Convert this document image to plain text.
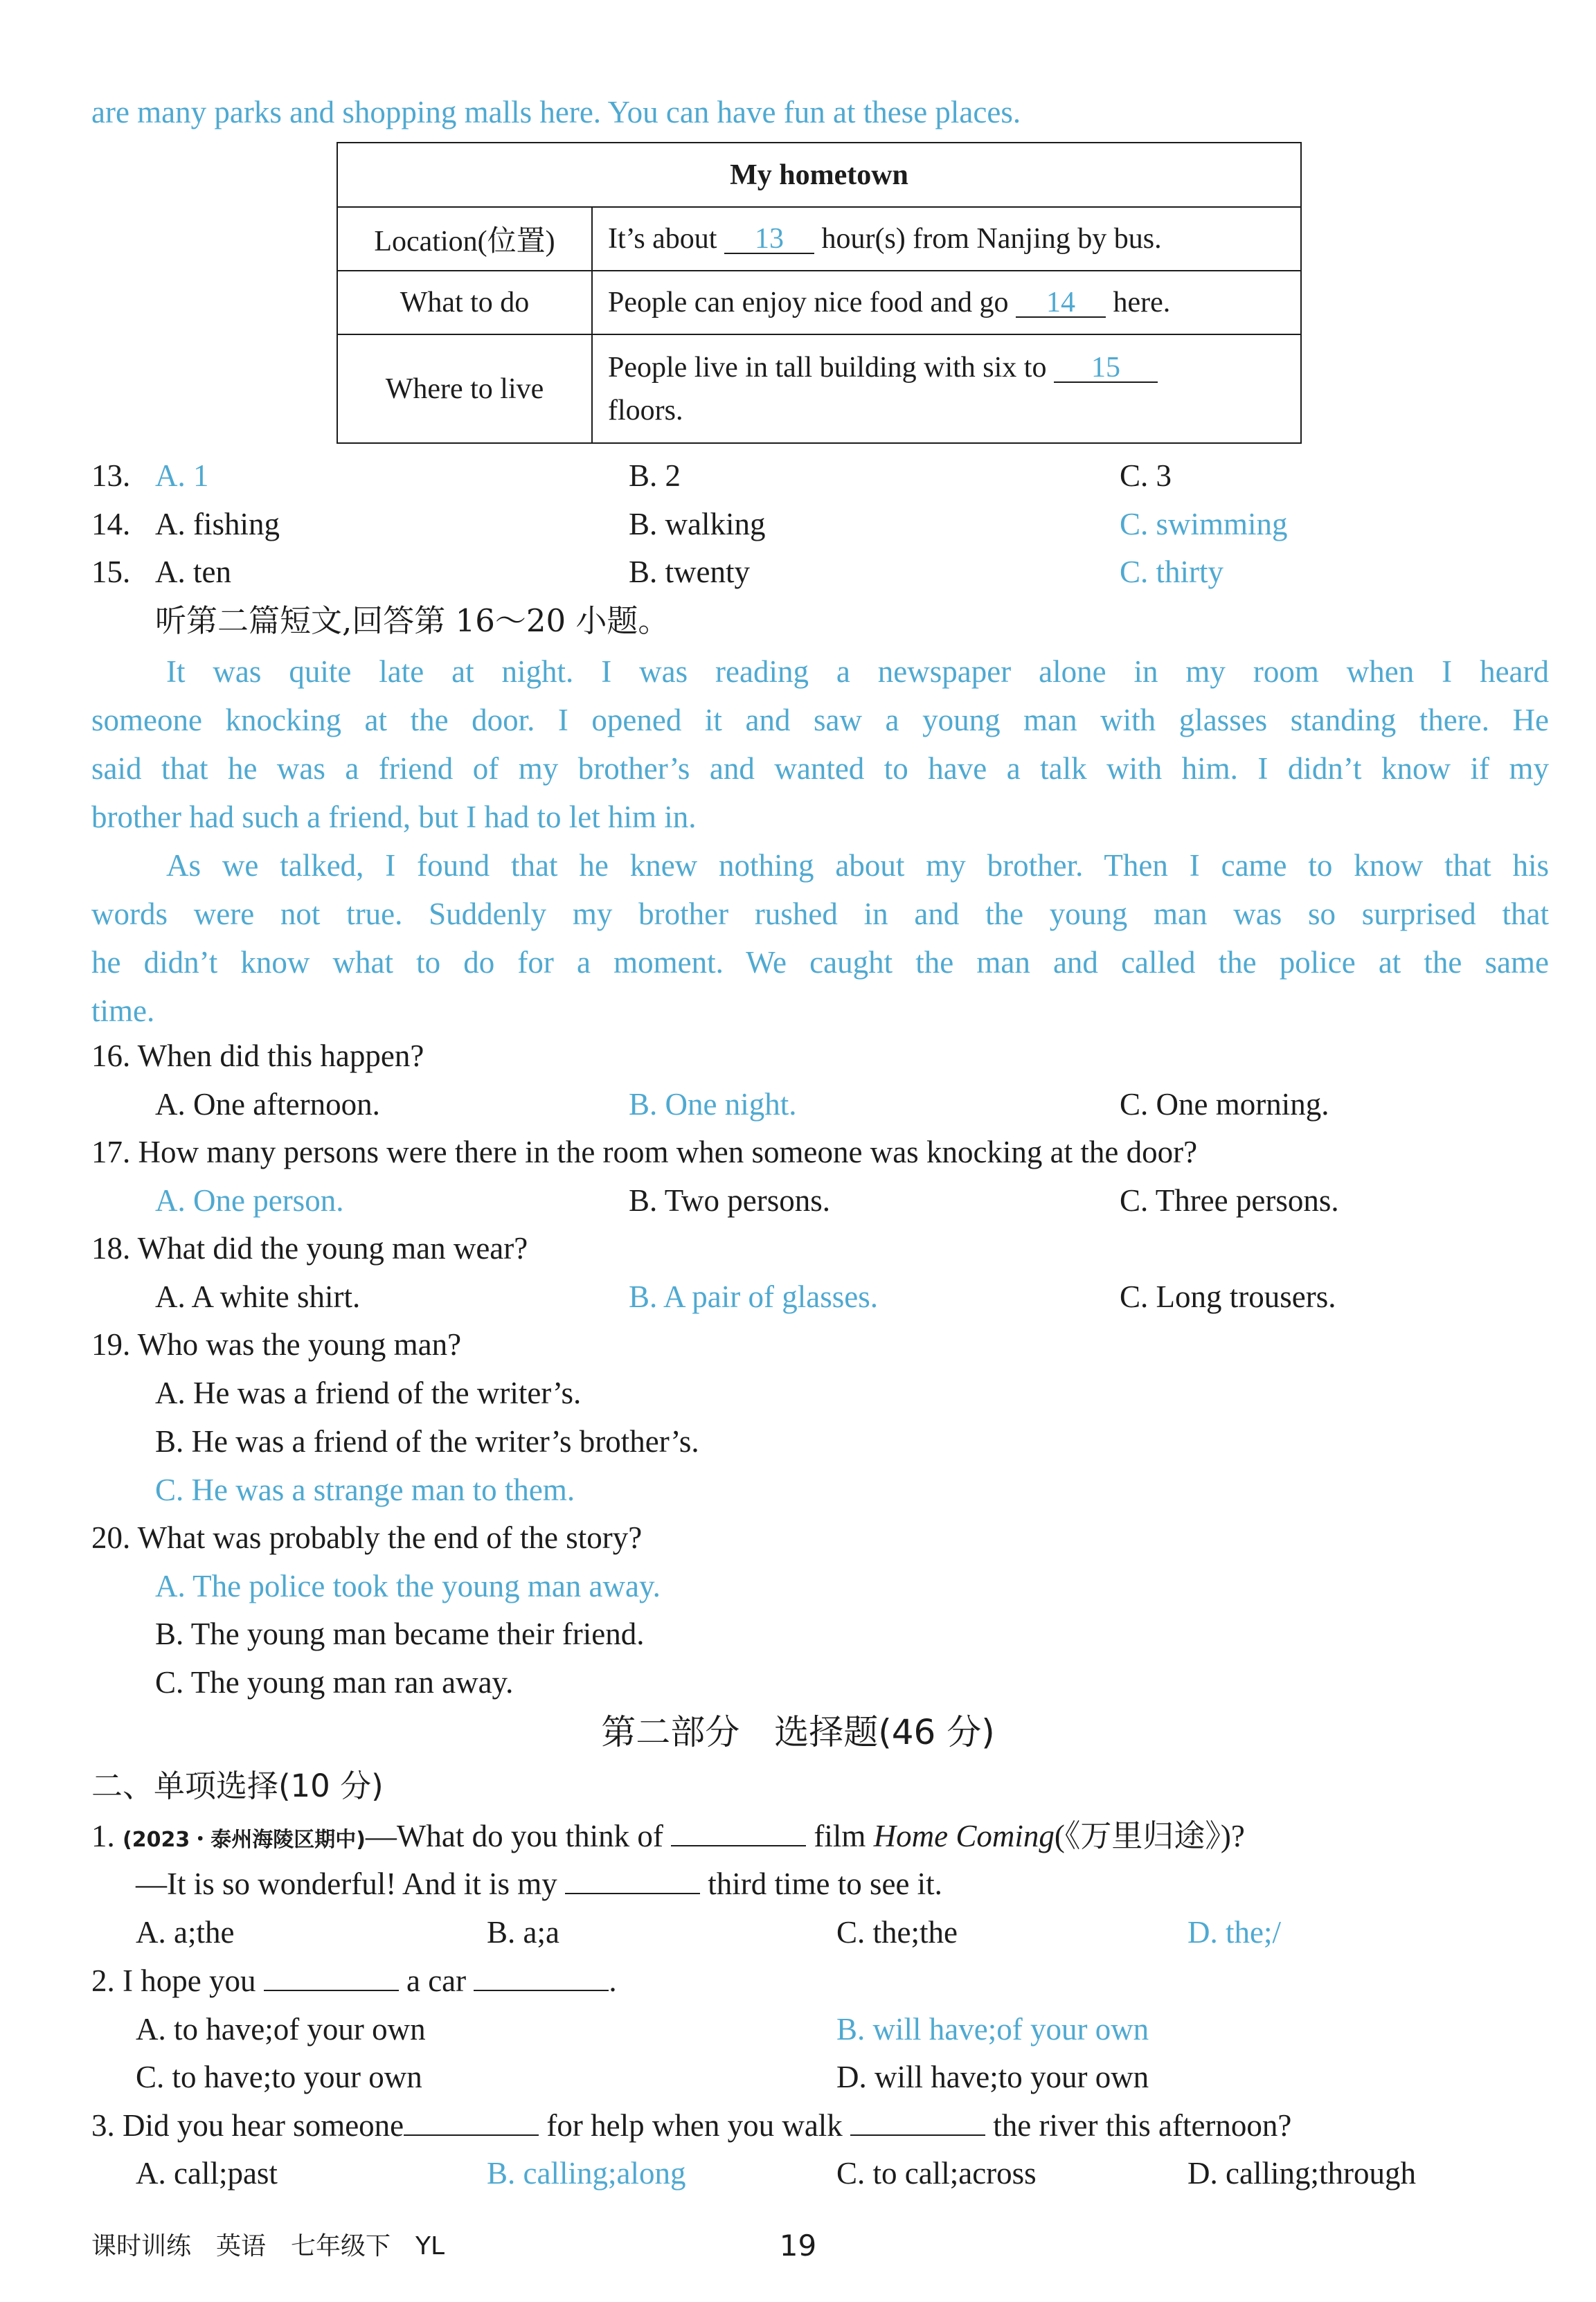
are many parks and shopping malls here. You can have fun at these places.
My hometown	
Location(位置)	It’s about 13 hour(s) from Nanjing by bus.
What to do	People can enjoy nice food and go 14 here.
Where to live	People live in tall building with six to 15
floors.
13. A. 1	B. 2	C. 3
14. A. fishing	B. walking	C. swimming
15. A. ten	B. twenty	C. thirty
听第二篇短文,回答第 16～20 小题。
It was quite late at night. I was reading a newspaper alone in my room when I heard
someone knocking at the door. I opened it and saw a young man with glasses standing there. He
said that he was a friend of my brother’s and wanted to have a talk with him. I didn’t know if my
brother had such a friend, but I had to let him in.
As we talked, I found that he knew nothing about my brother. Then I came to know that his
words were not true. Suddenly my brother rushed in and the young man was so surprised that
he didn’t know what to do for a moment. We caught the man and called the police at the same
time.
16. When did this happen?
A. One afternoon.	B. One night.	C. One morning.
17. How many persons were there in the room when someone was knocking at the door?
A. One person.	B. Two persons.	C. Three persons.
18. What did the young man wear?
A. A white shirt.	B. A pair of glasses.	C. Long trousers.
19. Who was the young man?
A. He was a friend of the writer’s.
B. He was a friend of the writer’s brother’s.
C. He was a strange man to them.
20. What was probably the end of the story?
A. The police took the young man away.
B. The young man became their friend.
C. The young man ran away.
第二部分　选择题(46 分)
二、单项选择(10 分)
1. (2023・泰州海陵区期中)—What do you think of	film Home Coming(《万里归途》)?
—It is so wonderful! And it is my	third time to see it.
A. a;the	B. a;a	C. the;the	D. the;/
2. I hope you	a car	.
A. to have;of your own	B. will have;of your own
C. to have;to your own	D. will have;to your own
3. Did you hear someone	for help when you walk	the river this afternoon?
A. call;past	B. calling;along	C. to call;across	D. calling;through
课时训练　英语　七年级下　YL	19
